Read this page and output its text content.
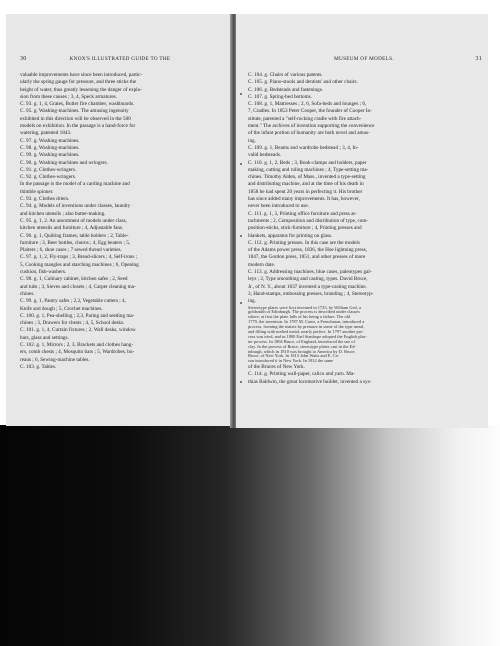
30	KNOX'S ILLUSTRATED GUIDE TO THE
valuable improvements have since been introduced, partic-
ularly the spring gauge for pressure, and three sticks the
height of water, thus greatly lessening the danger of explo-
sion from these causes ; 3, 4, Speck armatures.
C. 93. g. 1, 4, Grates, Butler fire chamber, washboards.
C. 95. g. Washing-machines. The amusing ingenuity
exhibited in this direction will be observed in the 500
models on exhibition. In the passage is a hand-force for
watering, patented 1843.
C. 97. g. Washing-machines.
C. 98. g. Washing-machines.
C. 99. g. Washing-machines.
C. 90. g. Washing-machines and wringers.
C. 91. g. Clothes-wringers.
C. 92. g. Clothes-wringers.
In the passage is the model of a carding machine and
thimble spinner.
C. 93. g. Clothes driers.
C. 94. g. Models of inventions under classes, laundry
and kitchen utensils ; also butter-making.
C. 95. g. 1, 2. An assortment of models under class,
kitchen utensils and furniture ; 4, Adjustable fans.
C. 96. g. 1, Quilting frames, table holders ; 2, Table-
furniture ; 3, Beer bottles, churns ; 4, Egg beaters ; 5,
Plaiters ; 6, shoe cases ; 7 sewed thread varieties.
C. 97. g. 1, 2, Fly-traps ; 3, Bread-slicers ; 4, Self-irons ;
5, Cooking mangles and starching machines ; 6, Opening
cushion, fish-washers.
C. 98. g. 1, Culinary cabinet, kitchen safes ; 2, Seed
and tubs ; 3, Sieves and closets ; 4, Carpet cleaning ma-
chines.
C. 99. g. 1, Pantry safes ; 2,3, Vegetable cutters ; 4,
Knife and dough ; 5, Crochet machines.
C. 100. g. 1, Pea-shelling ; 2,3, Paring and seeding ma-
chines ; 3, Drawers for chests ; 4, 5, School desks.
C. 101. g. 1, 4, Curtain fixtures ; 2, Wall desks, window
bars, glass and settings.
C. 102. g. 1, Mirrors ; 2, 3, Brackets and clothes hang-
ers, comb chests ; 4, Mosquito bars ; 5, Wardrobes, bu-
reaus ; 6, Sewing-machine tables.
C. 103. g. Tables.
MUSEUM OF MODELS.	31
C. 104. g. Chairs of various patents.
C. 105. g. Piano-stools and dentists' and other chairs.
C. 106. g. Bedsteads and fastenings.
C. 107. g. Spring-bed bottoms.
C. 108. g. 1, Mattresses ; 2, 6, Sofa-beds and lounges ; 6,
7, Cradles. In 1853 Peter Cooper, the founder of Cooper In-
stitute, patented a "self-rocking cradle with fire attach-
ment." The archives of invention supporting the convenience
of the infant portion of humanity are both novel and amus-
ing.
C. 109. g. 1, Beams and wardrobe bedstead ; 3, 4, In-
valid bedsteads.
C. 110. g. 1, 2, Beds ; 3, Book-clamps and holders, paper
making, cutting and ruling machines ; 4, Type-setting ma-
chines. Timothy Alden, of Mass., invented a type-setting
and distributing machine, and at the time of his death in
1858 he had spent 20 years in perfecting it. His brother
has since added many improvements. It has, however,
never been introduced to use.
C. 111. g. 1, 3, Printing office furniture and press at-
tachments ; 2, Composition and distribution of type, com-
position-sticks, stick-furniture ; 4, Printing presses and
blankets, apparatus for printing on glass.
C. 112. g. Printing presses. In this case are the models
of the Adams power press, 1836, the Hoe lightning press,
1847, the Gordon press, 1851, and other presses of more
modern date.
C. 113. g. Addressing machines, blue cases, paleotypes gal-
leys ; 2, Type smoothing and casting, types. David Bruce,
Jr., of N. Y., about 1837 invented a type-casting machine.
3, Hand-stamps, embossing presses, branding ; 4, Stereotyp-
ing.
Stereotype plates were first invented in 1725, by William Ged, a
goldsmith of Edinburgh. The process is described under clauses
where, at first the plate falls of his being a failure. The old
1779, the invention. In 1787 M. Carez, a Frenchman, introduced a
process, forming the matrix by pressure in some of the type metal,
and filling with melted metal, nearly perfect. In 1797 another pro-
cess was tried, and in 1800 Earl Stanhope adopted the English plas-
ter process. In 1804 Bruce, of England, introduced the use of
clay. In the process of Bruce, stereotype plates cast in the Ed-
inburgh, which in 1810 was brought to America by D. Bruce,
Bruce, of New York. In 1813 John Watts and E. Ca-
son introduced it in New York. In 1812 the same
of the Bruces of New York.
C. 114. g. Printing wall-paper, calico and yarn. Ma-
thias Baldwin, the great locomotive builder, invented a sys-
